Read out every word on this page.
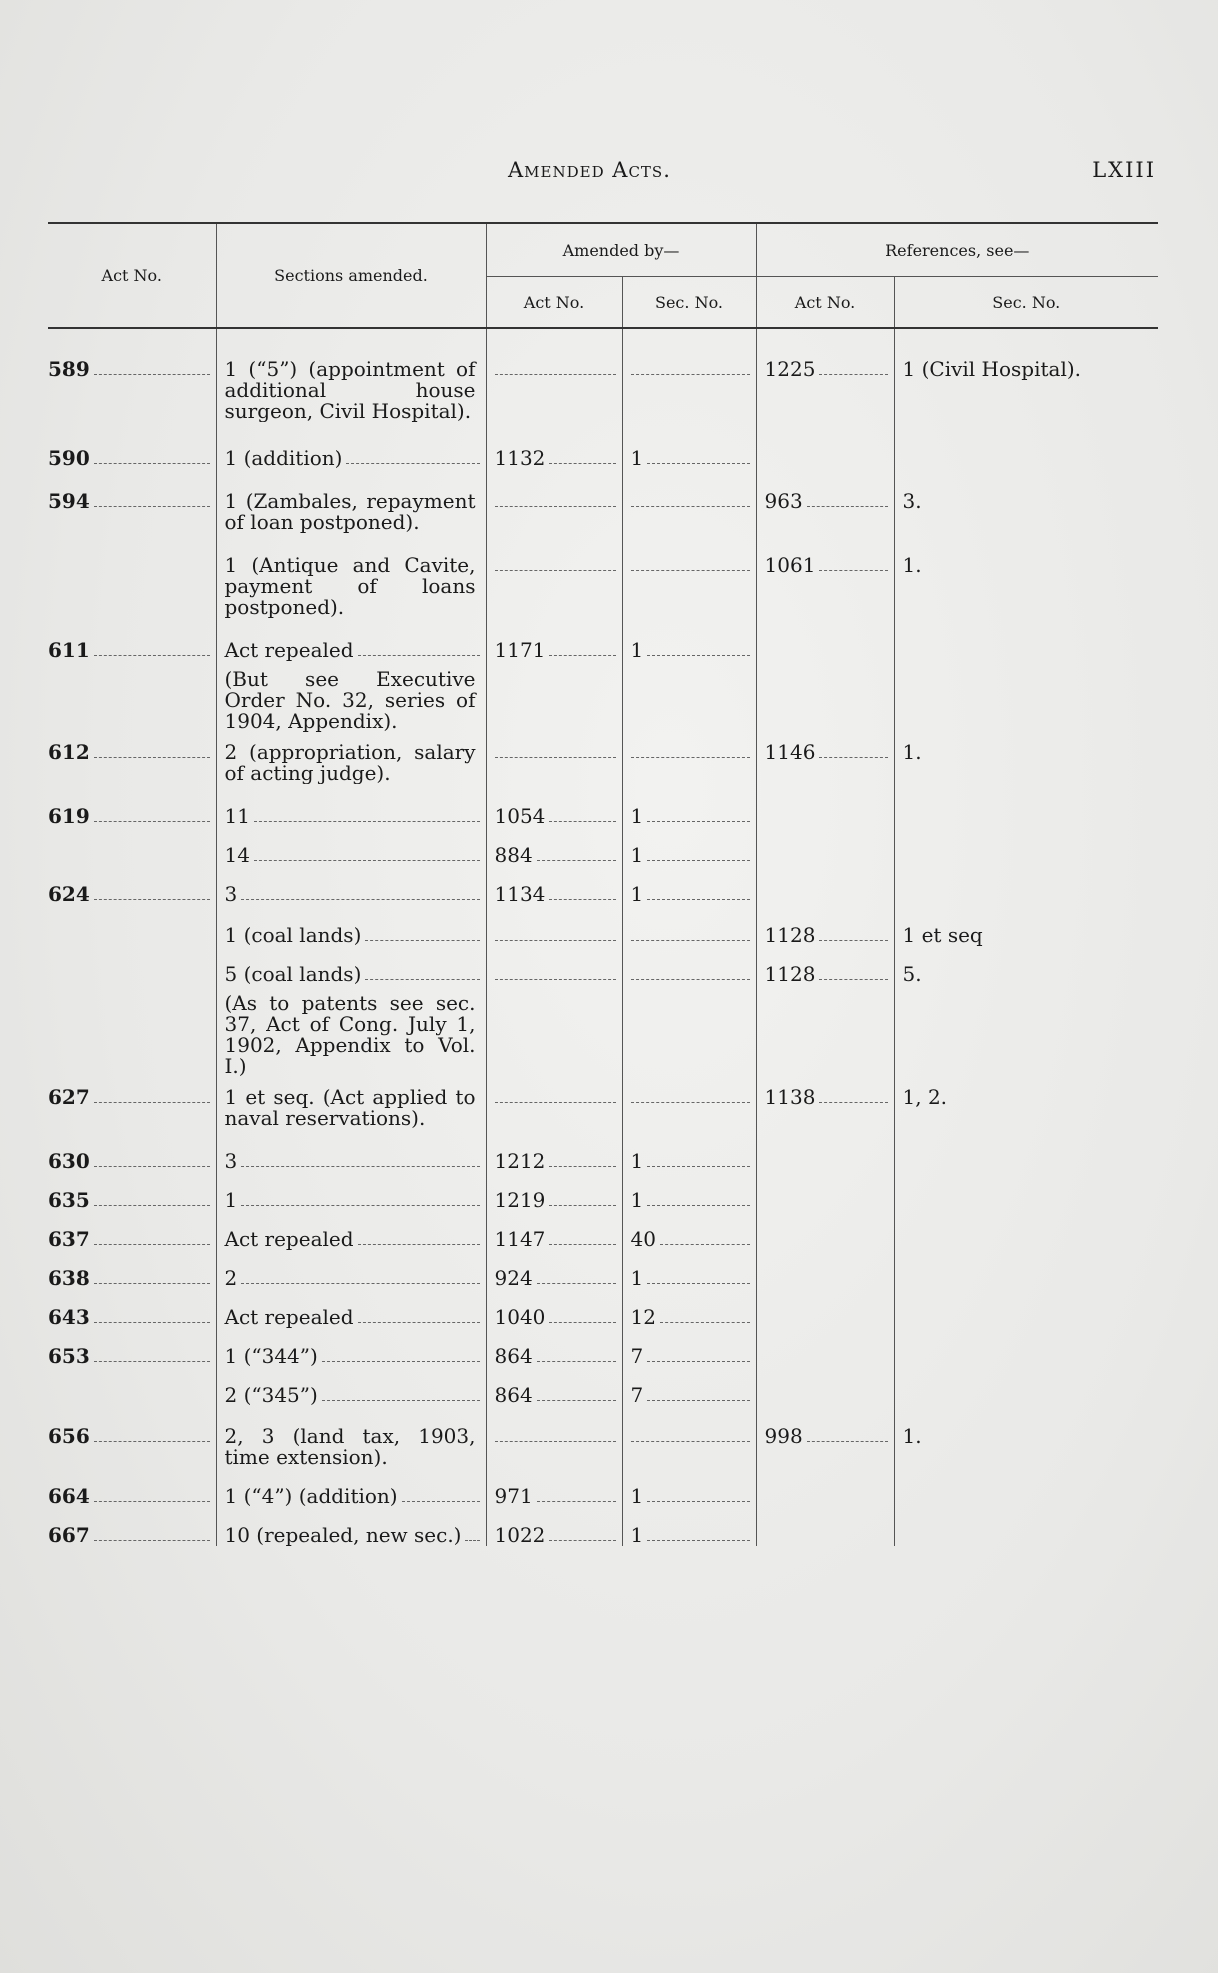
Amended Acts.	LXIII
Act No.	Sections amended.	Amended by—		References, see—	
		Act No.	Sec. No.	Act No.	Sec. No.

589	1 (“5”) (appointment of additional house surgeon, Civil Hospital).			1225	1 (Civil Hospital).

590	1 (addition)	1132	1		

594	1 (Zambales, repayment of loan postponed).			963	3.

	1 (Antique and Cavite, payment of loans postponed).			1061	1.

611	Act repealed	1171	1		

	(But see Executive Order No. 32, series of 1904, Appendix).				

612	2 (appropriation, salary of acting judge).			1146	1.

619	11	1054	1		

	14	884	1		

624	3	1134	1		

	1 (coal lands)			1128	1 et seq

	5 (coal lands)			1128	5.

	(As to patents see sec. 37, Act of Cong. July 1, 1902, Appendix to Vol. I.)				

627	1 et seq. (Act applied to naval reservations).			1138	1, 2.

630	3	1212	1		

635	1	1219	1		

637	Act repealed	1147	40		

638	2	924	1		

643	Act repealed	1040	12		

653	1 (“344”)	864	7		

	2 (“345”)	864	7		

656	2, 3 (land tax, 1903, time extension).			998	1.

664	1 (“4”) (addition)	971	1		

667	10 (repealed, new sec.)	1022	1		
